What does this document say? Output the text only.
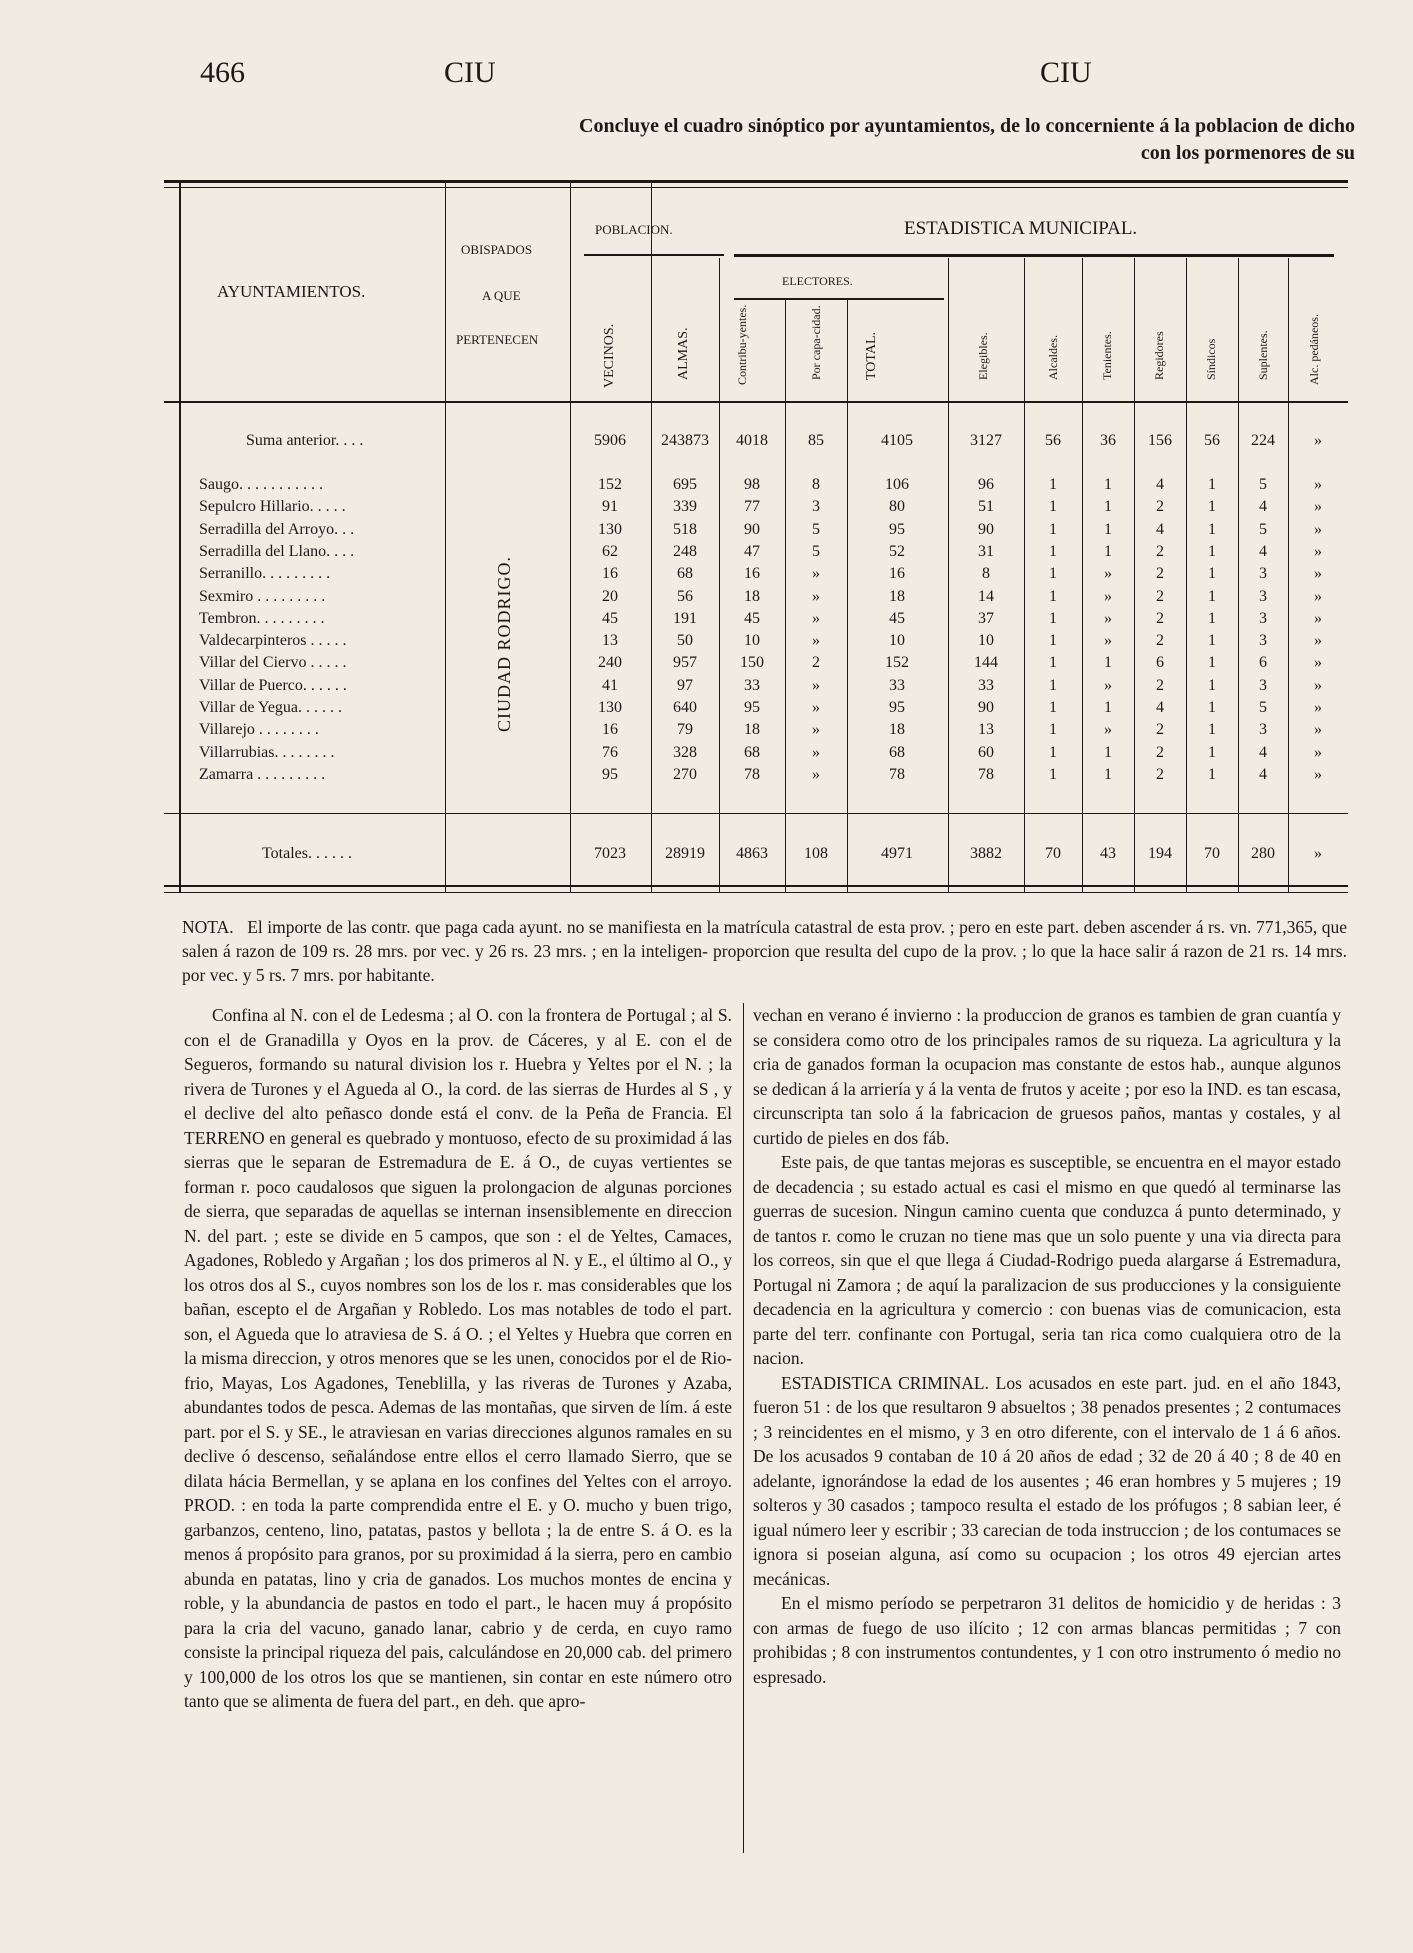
466	CIU	CIU
Concluye el cuadro sinóptico por ayuntamientos, de lo concerniente á la poblacion de dicho
con los pormenores de su
AYUNTAMIENTOS.
OBISPADOS
A QUE
PERTENECEN
POBLACION.	ESTADISTICA MUNICIPAL.
ELECTORES.
VECINOS.	ALMAS.	Contribu-yentes.	Por capa-cidad.	TOTAL.	Elegibles.	Alcaldes.	Tenientes.	Regidores	Síndicos	Suplentes.	Alc. pedáneos.
CIUDAD RODRIGO.
Suma anterior. . . .	5906	243873	4018	85	4105	3127	56	36	156	56	224	»
Saugo. . . . . . . . . . .	152	695	98	8	106	96	1	1	4	1	5	»
Sepulcro Hillario. . . . .	91	339	77	3	80	51	1	1	2	1	4	»
Serradilla del Arroyo. . .	130	518	90	5	95	90	1	1	4	1	5	»
Serradilla del Llano. . . .	62	248	47	5	52	31	1	1	2	1	4	»
Serranillo. . . . . . . . .	16	68	16	»	16	8	1	»	2	1	3	»
Sexmiro . . . . . . . . .	20	56	18	»	18	14	1	»	2	1	3	»
Tembron. . . . . . . . .	45	191	45	»	45	37	1	»	2	1	3	»
Valdecarpinteros . . . . .	13	50	10	»	10	10	1	»	2	1	3	»
Villar del Ciervo . . . . .	240	957	150	2	152	144	1	1	6	1	6	»
Villar de Puerco. . . . . .	41	97	33	»	33	33	1	»	2	1	3	»
Villar de Yegua. . . . . .	130	640	95	»	95	90	1	1	4	1	5	»
Villarejo . . . . . . . .	16	79	18	»	18	13	1	»	2	1	3	»
Villarrubias. . . . . . . .	76	328	68	»	68	60	1	1	2	1	4	»
Zamarra . . . . . . . . .	95	270	78	»	78	78	1	1	2	1	4	»
Totales. . . . . .	7023	28919	4863	108	4971	3882	70	43	194	70	280	»
NOTA. El importe de las contr. que paga cada ayunt. no se manifiesta en la matrícula catastral de esta prov. ; pero en este part. deben ascender á rs. vn. 771,365, que salen á razon de 109 rs. 28 mrs. por vec. y 26 rs. 23 mrs. ; en la inteligen- proporcion que resulta del cupo de la prov. ; lo que la hace salir á razon de 21 rs. 14 mrs. por vec. y 5 rs. 7 mrs. por habitante.

Confina al N. con el de Ledesma ; al O. con la frontera de Portugal ; al S. con el de Granadilla y Oyos en la prov. de Cáceres, y al E. con el de Segueros, formando su natural division los r. Huebra y Yeltes por el N. ; la rivera de Turones y el Agueda al O., la cord. de las sierras de Hurdes al S , y el declive del alto peñasco donde está el conv. de la Peña de Francia. El TERRENO en general es quebrado y montuoso, efecto de su proximidad á las sierras que le separan de Estremadura de E. á O., de cuyas vertientes se forman r. poco caudalosos que siguen la prolongacion de algunas porciones de sierra, que separadas de aquellas se internan insensiblemente en direccion N. del part. ; este se divide en 5 campos, que son : el de Yeltes, Camaces, Agadones, Robledo y Argañan ; los dos primeros al N. y E., el último al O., y los otros dos al S., cuyos nombres son los de los r. mas considerables que los bañan, escepto el de Argañan y Robledo. Los mas notables de todo el part. son, el Agueda que lo atraviesa de S. á O. ; el Yeltes y Huebra que corren en la misma direccion, y otros menores que se les unen, conocidos por el de Rio-frio, Mayas, Los Agadones, Teneblilla, y las riveras de Turones y Azaba, abundantes todos de pesca. Ademas de las montañas, que sirven de lím. á este part. por el S. y SE., le atraviesan en varias direcciones algunos ramales en su declive ó descenso, señalándose entre ellos el cerro llamado Sierro, que se dilata hácia Bermellan, y se aplana en los confines del Yeltes con el arroyo. PROD. : en toda la parte comprendida entre el E. y O. mucho y buen trigo, garbanzos, centeno, lino, patatas, pastos y bellota ; la de entre S. á O. es la menos á propósito para granos, por su proximidad á la sierra, pero en cambio abunda en patatas, lino y cria de ganados. Los muchos montes de encina y roble, y la abundancia de pastos en todo el part., le hacen muy á propósito para la cria del vacuno, ganado lanar, cabrio y de cerda, en cuyo ramo consiste la principal riqueza del pais, calculándose en 20,000 cab. del primero y 100,000 de los otros los que se mantienen, sin contar en este número otro tanto que se alimenta de fuera del part., en deh. que apro-

vechan en verano é invierno : la produccion de granos es tambien de gran cuantía y se considera como otro de los principales ramos de su riqueza. La agricultura y la cria de ganados forman la ocupacion mas constante de estos hab., aunque algunos se dedican á la arriería y á la venta de frutos y aceite ; por eso la IND. es tan escasa, circunscripta tan solo á la fabricacion de gruesos paños, mantas y costales, y al curtido de pieles en dos fáb.

Este pais, de que tantas mejoras es susceptible, se encuentra en el mayor estado de decadencia ; su estado actual es casi el mismo en que quedó al terminarse las guerras de sucesion. Ningun camino cuenta que conduzca á punto determinado, y de tantos r. como le cruzan no tiene mas que un solo puente y una via directa para los correos, sin que el que llega á Ciudad-Rodrigo pueda alargarse á Estremadura, Portugal ni Zamora ; de aquí la paralizacion de sus producciones y la consiguiente decadencia en la agricultura y comercio : con buenas vias de comunicacion, esta parte del terr. confinante con Portugal, seria tan rica como cualquiera otro de la nacion.

ESTADISTICA CRIMINAL. Los acusados en este part. jud. en el año 1843, fueron 51 : de los que resultaron 9 absueltos ; 38 penados presentes ; 2 contumaces ; 3 reincidentes en el mismo, y 3 en otro diferente, con el intervalo de 1 á 6 años. De los acusados 9 contaban de 10 á 20 años de edad ; 32 de 20 á 40 ; 8 de 40 en adelante, ignorándose la edad de los ausentes ; 46 eran hombres y 5 mujeres ; 19 solteros y 30 casados ; tampoco resulta el estado de los prófugos ; 8 sabian leer, é igual número leer y escribir ; 33 carecian de toda instruccion ; de los contumaces se ignora si poseian alguna, así como su ocupacion ; los otros 49 ejercian artes mecánicas.

En el mismo período se perpetraron 31 delitos de homicidio y de heridas : 3 con armas de fuego de uso ilícito ; 12 con armas blancas permitidas ; 7 con prohibidas ; 8 con instrumentos contundentes, y 1 con otro instrumento ó medio no espresado.
